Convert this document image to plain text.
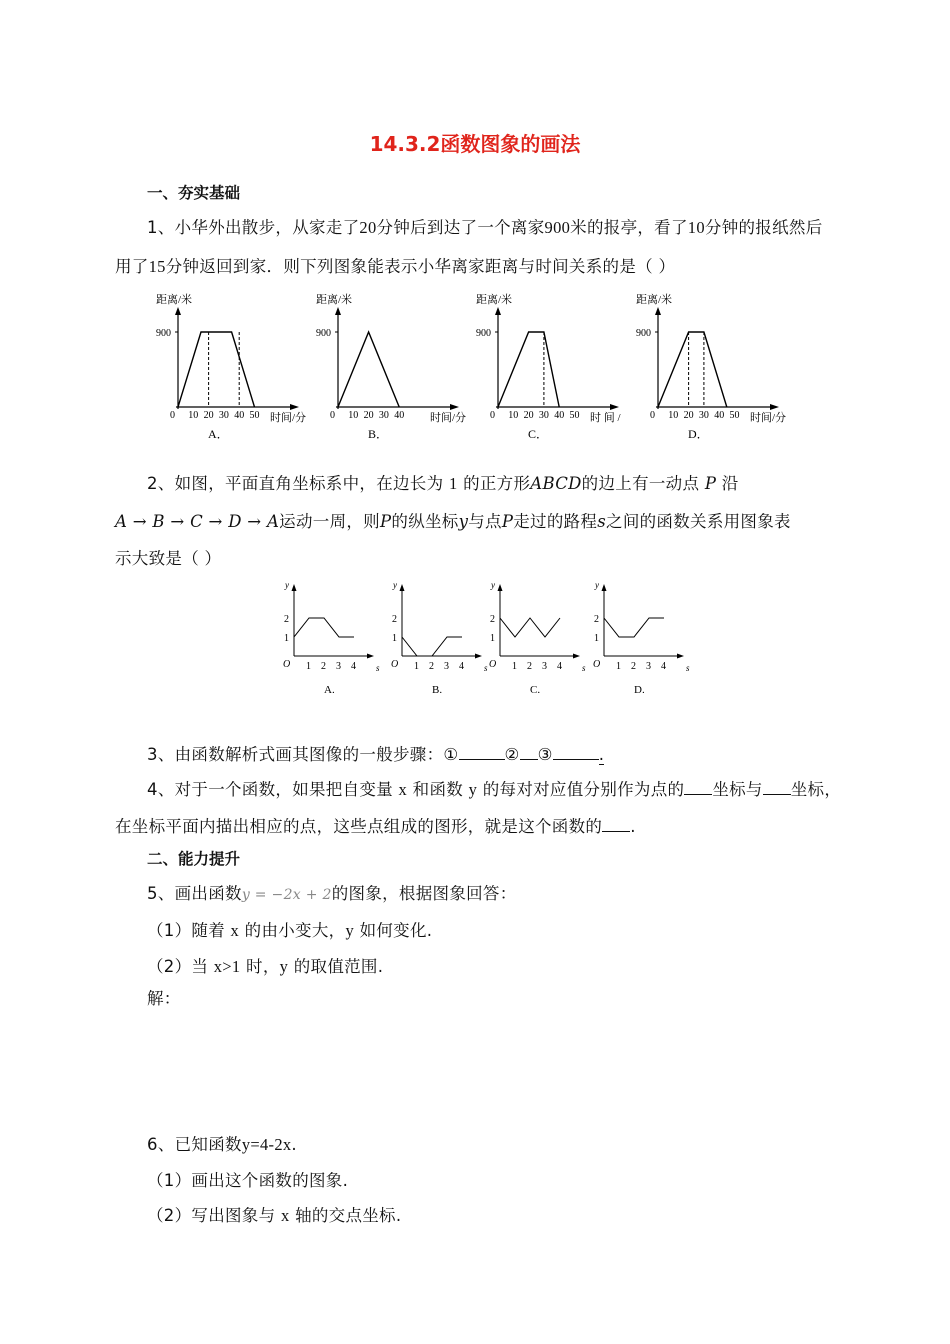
14.3.2函数图象的画法
一、夯实基础
1、小华外出散步，从家走了20分钟后到达了一个离家900米的报亭，看了10分钟的报纸然后
用了15分钟返回到家．则下列图象能表示小华离家距离与时间关系的是（ ）
距离/米
900
0 10 20 30 40 50 时间/分
A．
距离/米
900
0 10 20 30 40 时间/分
B．
距离/米
900
0 10 20 30 40 50 时 间 /
C．
距离/米
900
0 10 20 30 40 50 时间/分
D．
2、如图，平面直角坐标系中，在边长为 1 的正方形ABCD的边上有一动点 P 沿
A → B → C → D → A运动一周，则P的纵坐标y与点P走过的路程s之间的函数关系用图象表
示大致是（ ）
y
O
1
2
1 2 3 4 s
A.
y
O
1
2
1 2 3 4 s
B.
y
O
1
2
1 2 3 4 s
C.
y
O
1
2
1 2 3 4 s
D.
3、由函数解析式画其图像的一般步骤：①	② ③	.
4、对于一个函数，如果把自变量 x 和函数 y 的每对对应值分别作为点的 坐标与 坐标，
在坐标平面内描出相应的点，这些点组成的图形，就是这个函数的 .
二、能力提升
5、画出函数y = −2x + 2的图象，根据图象回答：
（1）随着 x 的由小变大，y 如何变化.
（2）当 x>1 时，y 的取值范围.
解：
6、已知函数y=4-2x.
（1）画出这个函数的图象.
（2）写出图象与 x 轴的交点坐标.
